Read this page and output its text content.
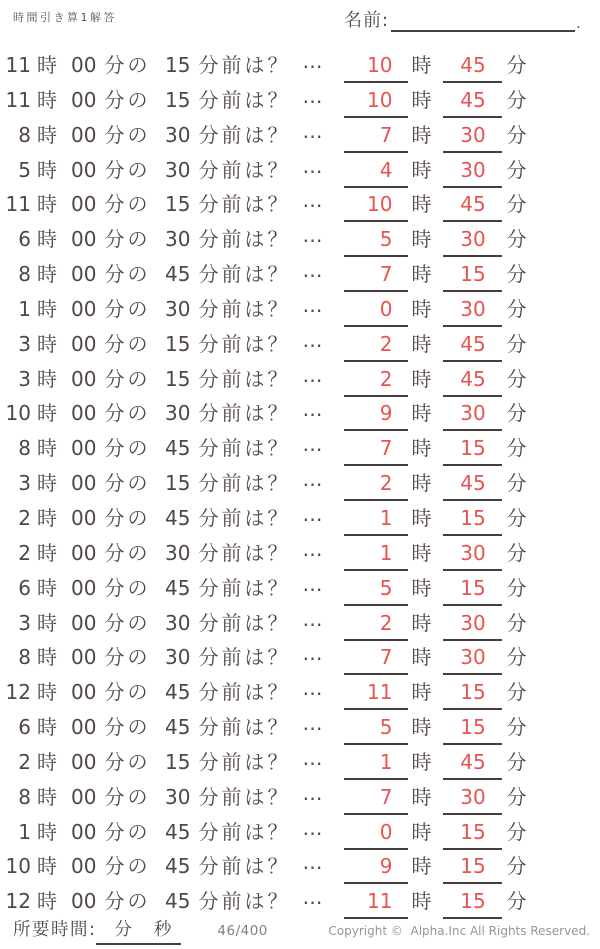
時間引き算1解答	名前:	.
11 時 00 分の 15 分前は？ …	10 時	45	分
11 時 00 分の 15 分前は？ …	10 時	45	分
8 時 00 分の 30 分前は？ …	7 時	30	分
5 時 00 分の 30 分前は？ …	4 時	30	分
11 時 00 分の 15 分前は？ …	10 時	45	分
6 時 00 分の 30 分前は？ …	5 時	30	分
8 時 00 分の 45 分前は？ …	7 時	15	分
1 時 00 分の 30 分前は？ …	0 時	30	分
3 時 00 分の 15 分前は？ …	2 時	45	分
3 時 00 分の 15 分前は？ …	2 時	45	分
10 時 00 分の 30 分前は？ …	9 時	30	分
8 時 00 分の 45 分前は？ …	7 時	15	分
3 時 00 分の 15 分前は？ …	2 時	45	分
2 時 00 分の 45 分前は？ …	1 時	15	分
2 時 00 分の 30 分前は？ …	1 時	30	分
6 時 00 分の 45 分前は？ …	5 時	15	分
3 時 00 分の 30 分前は？ …	2 時	30	分
8 時 00 分の 30 分前は？ …	7 時	30	分
12 時 00 分の 45 分前は？ …	11 時	15	分
6 時 00 分の 45 分前は？ …	5 時	15	分
2 時 00 分の 15 分前は？ …	1 時	45	分
8 時 00 分の 30 分前は？ …	7 時	30	分
1 時 00 分の 45 分前は？ …	0 時	15	分
10 時 00 分の 45 分前は？ …	9 時	15	分
12 時 00 分の 45 分前は？ …	11 時	15	分
所要時間: 分 秒	46/400	Copyright ©  Alpha.Inc All Rights Reserved.
